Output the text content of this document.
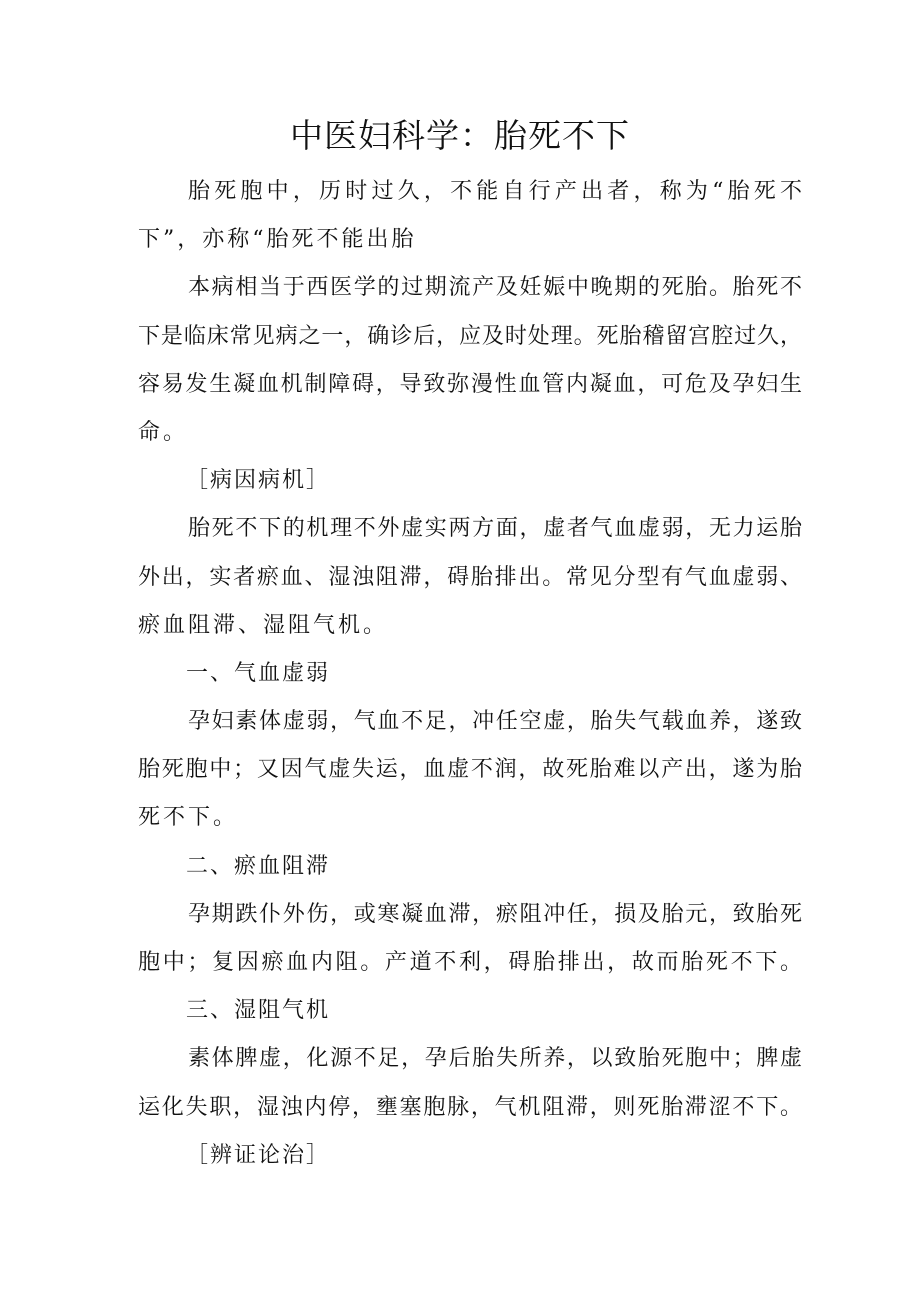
中医妇科学：胎死不下
胎死胞中，历时过久，不能自行产出者，称为“胎死不
下”，亦称“胎死不能出胎
本病相当于西医学的过期流产及妊娠中晚期的死胎。胎死不
下是临床常见病之一，确诊后，应及时处理。死胎稽留宫腔过久，
容易发生凝血机制障碍，导致弥漫性血管内凝血，可危及孕妇生
命。
［病因病机］
胎死不下的机理不外虚实两方面，虚者气血虚弱，无力运胎
外出，实者瘀血、湿浊阻滞，碍胎排出。常见分型有气血虚弱、
瘀血阻滞、湿阻气机。
一、气血虚弱
孕妇素体虚弱，气血不足，冲任空虚，胎失气载血养，遂致
胎死胞中；又因气虚失运，血虚不润，故死胎难以产出，遂为胎
死不下。
二、瘀血阻滞
孕期跌仆外伤，或寒凝血滞，瘀阻冲任，损及胎元，致胎死
胞中；复因瘀血内阻。产道不利，碍胎排出，故而胎死不下。
三、湿阻气机
素体脾虚，化源不足，孕后胎失所养，以致胎死胞中；脾虚
运化失职，湿浊内停，壅塞胞脉，气机阻滞，则死胎滞涩不下。
［辨证论治］
